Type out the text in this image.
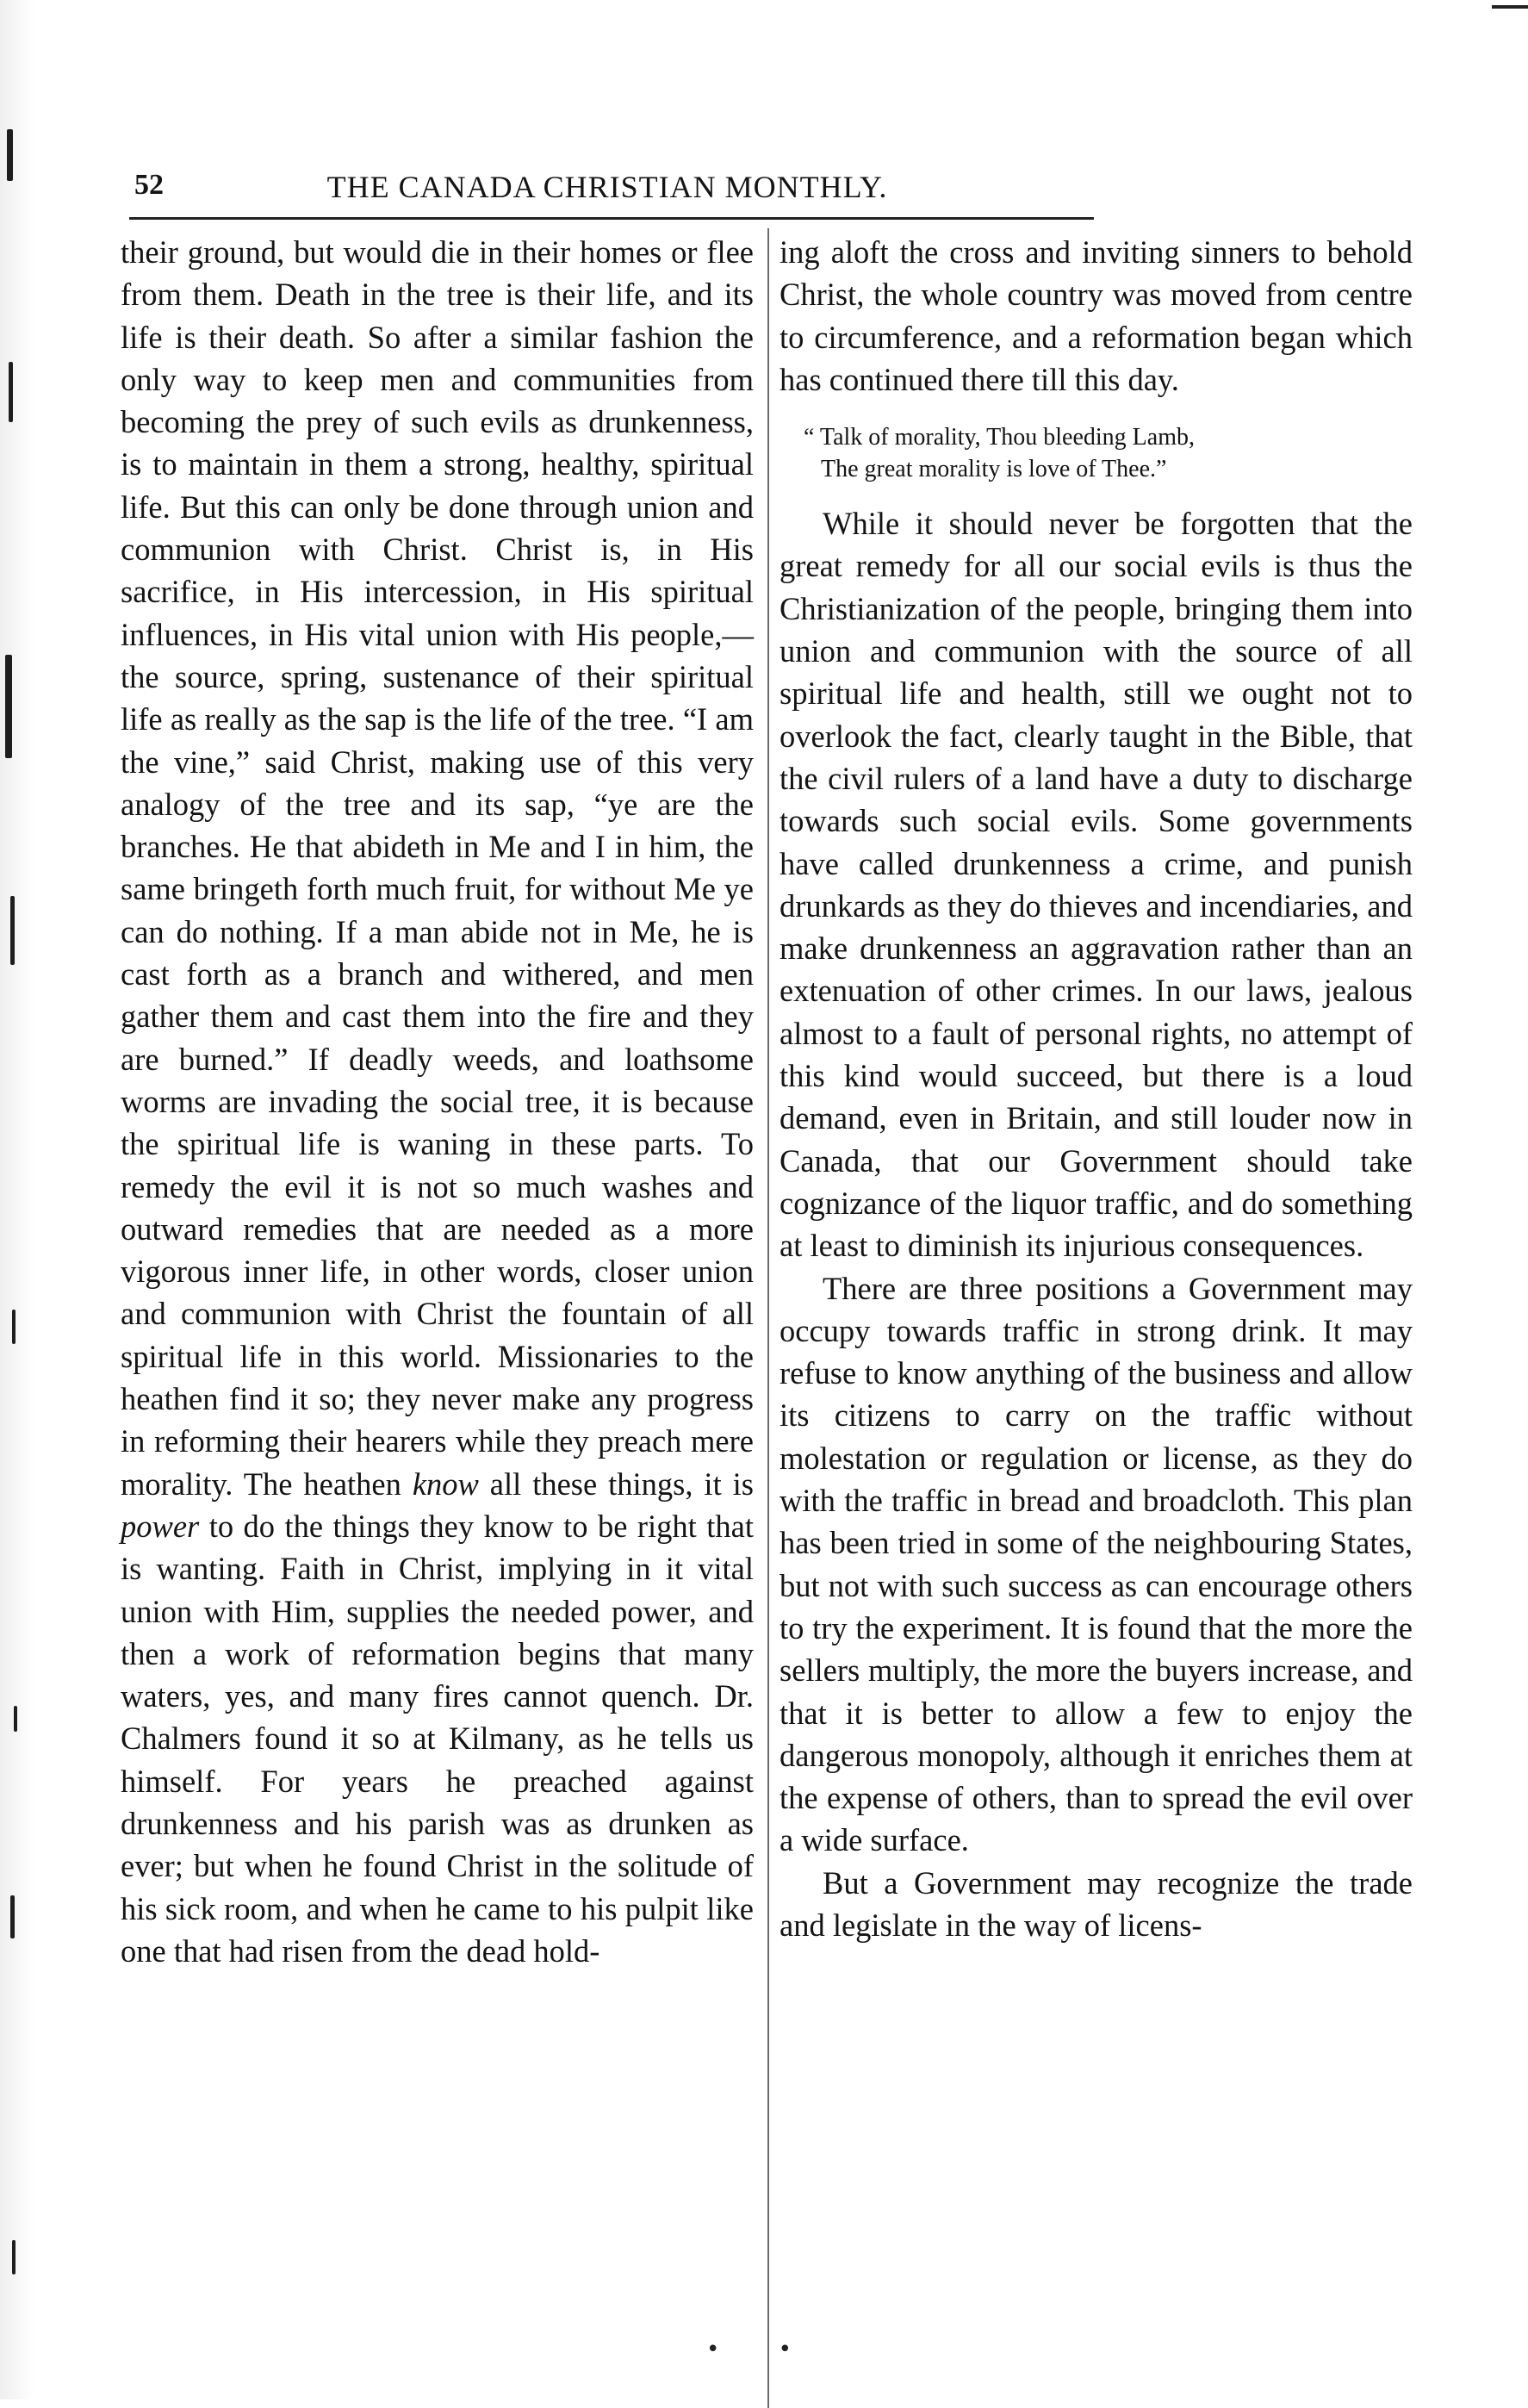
52	THE CANADA CHRISTIAN MONTHLY.

their ground, but would die in their homes or flee from them. Death in the tree is their life, and its life is their death. So after a similar fashion the only way to keep men and communities from becoming the prey of such evils as drunkenness, is to maintain in them a strong, healthy, spiritual life. But this can only be done through union and communion with Christ. Christ is, in His sacrifice, in His intercession, in His spiritual influences, in His vital union with His people,—the source, spring, sustenance of their spiritual life as really as the sap is the life of the tree. “I am the vine,” said Christ, making use of this very analogy of the tree and its sap, “ye are the branches. He that abideth in Me and I in him, the same bringeth forth much fruit, for without Me ye can do nothing. If a man abide not in Me, he is cast forth as a branch and withered, and men gather them and cast them into the fire and they are burned.” If deadly weeds, and loathsome worms are invading the social tree, it is because the spiritual life is waning in these parts. To remedy the evil it is not so much washes and outward remedies that are needed as a more vigorous inner life, in other words, closer union and communion with Christ the fountain of all spiritual life in this world. Missionaries to the heathen find it so; they never make any progress in reforming their hearers while they preach mere morality. The heathen know all these things, it is power to do the things they know to be right that is wanting. Faith in Christ, implying in it vital union with Him, supplies the needed power, and then a work of reformation begins that many waters, yes, and many fires cannot quench. Dr. Chalmers found it so at Kilmany, as he tells us himself. For years he preached against drunkenness and his parish was as drunken as ever; but when he found Christ in the solitude of his sick room, and when he came to his pulpit like one that had risen from the dead hold-

ing aloft the cross and inviting sinners to behold Christ, the whole country was moved from centre to circumference, and a reformation began which has continued there till this day.

“ Talk of morality, Thou bleeding Lamb,
The great morality is love of Thee.”

While it should never be forgotten that the great remedy for all our social evils is thus the Christianization of the people, bringing them into union and communion with the source of all spiritual life and health, still we ought not to overlook the fact, clearly taught in the Bible, that the civil rulers of a land have a duty to discharge towards such social evils. Some governments have called drunkenness a crime, and punish drunkards as they do thieves and incendiaries, and make drunkenness an aggravation rather than an extenuation of other crimes. In our laws, jealous almost to a fault of personal rights, no attempt of this kind would succeed, but there is a loud demand, even in Britain, and still louder now in Canada, that our Government should take cognizance of the liquor traffic, and do something at least to diminish its injurious consequences.

There are three positions a Government may occupy towards traffic in strong drink. It may refuse to know anything of the business and allow its citizens to carry on the traffic without molestation or regulation or license, as they do with the traffic in bread and broadcloth. This plan has been tried in some of the neighbouring States, but not with such success as can encourage others to try the experiment. It is found that the more the sellers multiply, the more the buyers increase, and that it is better to allow a few to enjoy the dangerous monopoly, although it enriches them at the expense of others, than to spread the evil over a wide surface.

But a Government may recognize the trade and legislate in the way of licens-

• •
